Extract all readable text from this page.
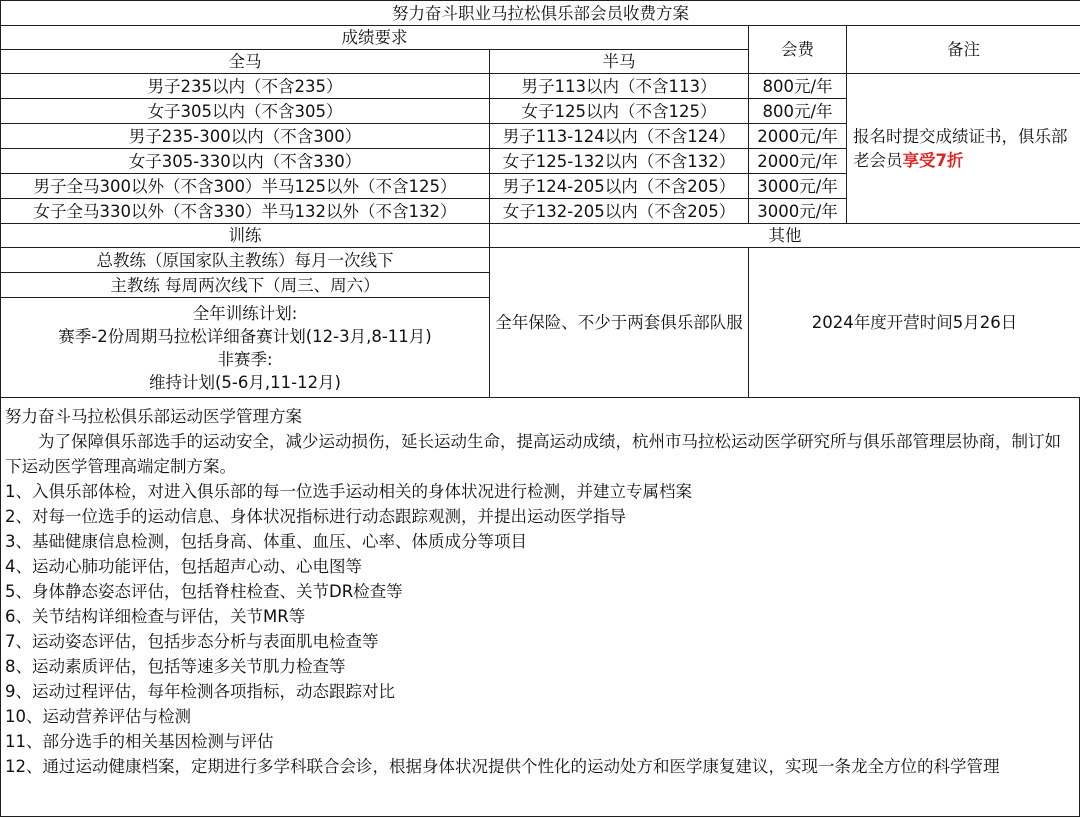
努力奋斗职业马拉松俱乐部会员收费方案			
成绩要求		会费	备注
全马	半马		
男子235以内（不含235）	男子113以内（不含113）	800元/年	报名时提交成绩证书，俱乐部老会员享受7折
女子305以内（不含305）	女子125以内（不含125）	800元/年	
男子235-300以内（不含300）	男子113-124以内（不含124）	2000元/年	
女子305-330以内（不含330）	女子125-132以内（不含132）	2000元/年	
男子全马300以外（不含300）半马125以外（不含125）	男子124-205以内（不含205）	3000元/年	
女子全马330以外（不含330）半马132以外（不含132）	女子132-205以内（不含205）	3000元/年	
训练	其他		
总教练（原国家队主教练）每月一次线下	全年保险、不少于两套俱乐部队服	2024年度开营时间5月26日	
主教练 每周两次线下（周三、周六）			

全年训练计划:
赛季-2份周期马拉松详细备赛计划(12-3月,8-11月)
非赛季:
维持计划(5-6月,11-12月)			

努力奋斗马拉松俱乐部运动医学管理方案

为了保障俱乐部选手的运动安全，减少运动损伤，延长运动生命，提高运动成绩，杭州市马拉松运动医学研究所与俱乐部管理层协商，制订如下运动医学管理高端定制方案。

1、入俱乐部体检，对进入俱乐部的每一位选手运动相关的身体状况进行检测，并建立专属档案

2、对每一位选手的运动信息、身体状况指标进行动态跟踪观测，并提出运动医学指导

3、基础健康信息检测，包括身高、体重、血压、心率、体质成分等项目

4、运动心肺功能评估，包括超声心动、心电图等

5、身体静态姿态评估，包括脊柱检查、关节DR检查等

6、关节结构详细检查与评估，关节MR等

7、运动姿态评估，包括步态分析与表面肌电检查等

8、运动素质评估，包括等速多关节肌力检查等

9、运动过程评估，每年检测各项指标，动态跟踪对比

10、运动营养评估与检测

11、部分选手的相关基因检测与评估

12、通过运动健康档案，定期进行多学科联合会诊，根据身体状况提供个性化的运动处方和医学康复建议，实现一条龙全方位的科学管理
